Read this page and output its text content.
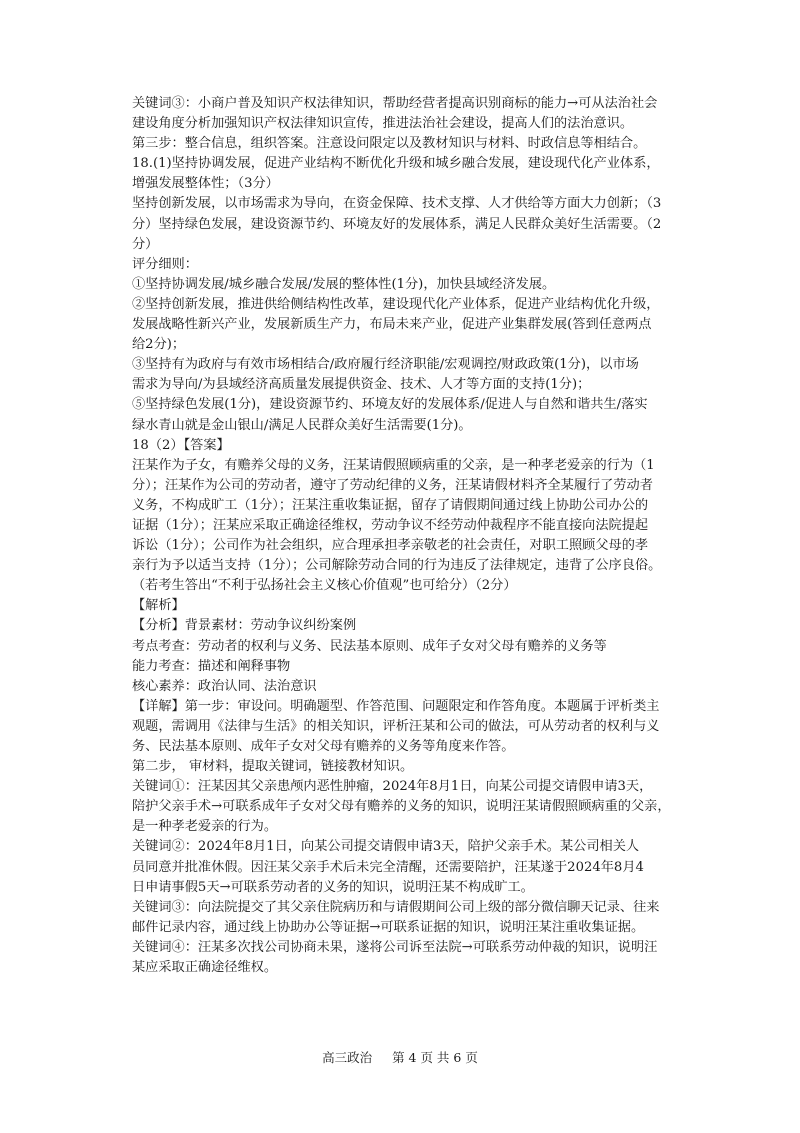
关键词③：小商户普及知识产权法律知识，帮助经营者提高识别商标的能力→可从法治社会
建设角度分析加强知识产权法律知识宣传，推进法治社会建设，提高人们的法治意识。
第三步：整合信息，组织答案。注意设问限定以及教材知识与材料、时政信息等相结合。
18.(1)坚持协调发展，促进产业结构不断优化升级和城乡融合发展，建设现代化产业体系，
增强发展整体性；（3分）
坚持创新发展，以市场需求为导向，在资金保障、技术支撑、人才供给等方面大力创新；（3
分）坚持绿色发展，建设资源节约、环境友好的发展体系，满足人民群众美好生活需要。（2
分）
评分细则：
①坚持协调发展/城乡融合发展/发展的整体性(1分)，加快县域经济发展。
②坚持创新发展，推进供给侧结构性改革，建设现代化产业体系，促进产业结构优化升级，
发展战略性新兴产业，发展新质生产力，布局未来产业，促进产业集群发展(答到任意两点
给2分)；
③坚持有为政府与有效市场相结合/政府履行经济职能/宏观调控/财政政策(1分)，以市场
需求为导向/为县域经济高质量发展提供资金、技术、人才等方面的支持(1分)；
⑤坚持绿色发展(1分)，建设资源节约、环境友好的发展体系/促进人与自然和谐共生/落实
绿水青山就是金山银山/满足人民群众美好生活需要(1分)。
18（2）【答案】
汪某作为子女，有赡养父母的义务，汪某请假照顾病重的父亲，是一种孝老爱亲的行为（1
分）；汪某作为公司的劳动者，遵守了劳动纪律的义务，汪某请假材料齐全某履行了劳动者
义务，不构成旷工（1分）；汪某注重收集证据，留存了请假期间通过线上协助公司办公的
证据（1分）；汪某应采取正确途径维权，劳动争议不经劳动仲裁程序不能直接向法院提起
诉讼（1分）；公司作为社会组织，应合理承担孝亲敬老的社会责任，对职工照顾父母的孝
亲行为予以适当支持（1分）；公司解除劳动合同的行为违反了法律规定，违背了公序良俗。
（若考生答出“不利于弘扬社会主义核心价值观”也可给分）（2分）
【解析】
【分析】背景素材：劳动争议纠纷案例
考点考查：劳动者的权利与义务、民法基本原则、成年子女对父母有赡养的义务等
能力考查：描述和阐释事物
核心素养：政治认同、法治意识
【详解】第一步：审设问。明确题型、作答范围、问题限定和作答角度。本题属于评析类主
观题，需调用《法律与生活》的相关知识，评析汪某和公司的做法，可从劳动者的权利与义
务、民法基本原则、成年子女对父母有赡养的义务等角度来作答。
第二步， 审材料，提取关键词，链接教材知识。
关键词①：汪某因其父亲患颅内恶性肿瘤，2024年8月1日，向某公司提交请假申请3天，
陪护父亲手术→可联系成年子女对父母有赡养的义务的知识，说明汪某请假照顾病重的父亲，
是一种孝老爱亲的行为。
关键词②：2024年8月1日，向某公司提交请假申请3天，陪护父亲手术。某公司相关人
员同意并批准休假。因汪某父亲手术后未完全清醒，还需要陪护，汪某遂于2024年8月4
日申请事假5天→可联系劳动者的义务的知识，说明汪某不构成旷工。
关键词③：向法院提交了其父亲住院病历和与请假期间公司上级的部分微信聊天记录、往来
邮件记录内容，通过线上协助办公等证据→可联系证据的知识，说明汪某注重收集证据。
关键词④：汪某多次找公司协商未果，遂将公司诉至法院→可联系劳动仲裁的知识，说明汪
某应采取正确途径维权。
高三政治 第 4 页 共 6 页
